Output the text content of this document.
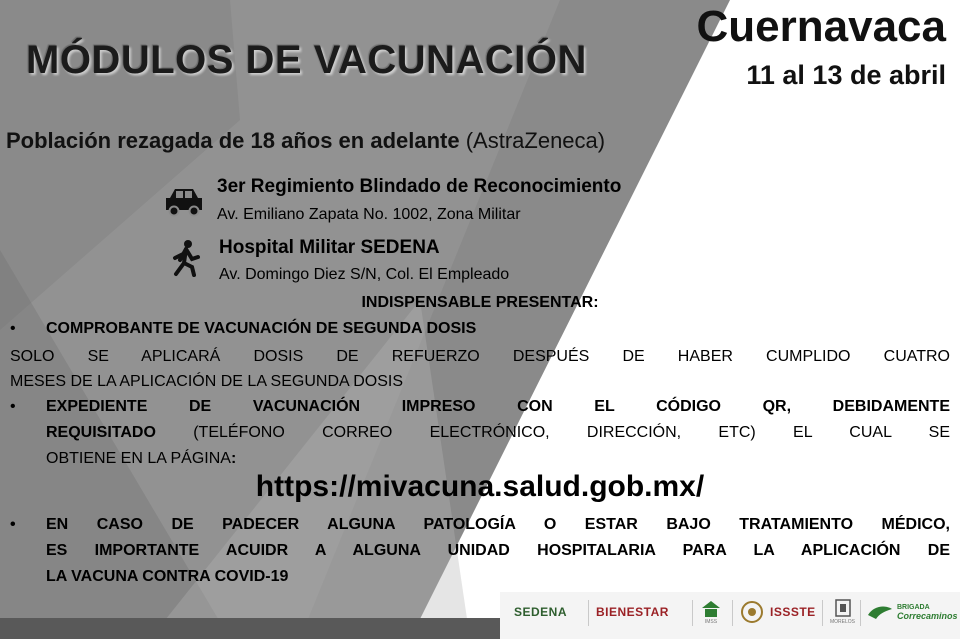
MÓDULOS DE VACUNACIÓN
Cuernavaca
11 al 13 de abril
Población rezagada de 18 años en adelante (AstraZeneca)
3er Regimiento Blindado de Reconocimiento
Av. Emiliano Zapata No. 1002, Zona Militar
Hospital Militar SEDENA
Av. Domingo Diez S/N, Col. El Empleado
INDISPENSABLE PRESENTAR:
• COMPROBANTE DE VACUNACIÓN DE SEGUNDA DOSIS
SOLO SE APLICARÁ DOSIS DE REFUERZO DESPUÉS DE HABER CUMPLIDO CUATRO
MESES DE LA APLICACIÓN DE LA SEGUNDA DOSIS
• EXPEDIENTE DE VACUNACIÓN IMPRESO CON EL CÓDIGO QR, DEBIDAMENTE
REQUISITADO (TELÉFONO CORREO ELECTRÓNICO, DIRECCIÓN, ETC) EL CUAL SE
OBTIENE EN LA PÁGINA:
https://mivacuna.salud.gob.mx/
• EN CASO DE PADECER ALGUNA PATOLOGÍA O ESTAR BAJO TRATAMIENTO MÉDICO,
ES IMPORTANTE ACUIDR A ALGUNA UNIDAD HOSPITALARIA PARA LA APLICACIÓN DE
LA VACUNA CONTRA COVID-19
SEDENA BIENESTAR
IMSS
ISSSTE
MORELOS
BRIGADA
Correcaminos
